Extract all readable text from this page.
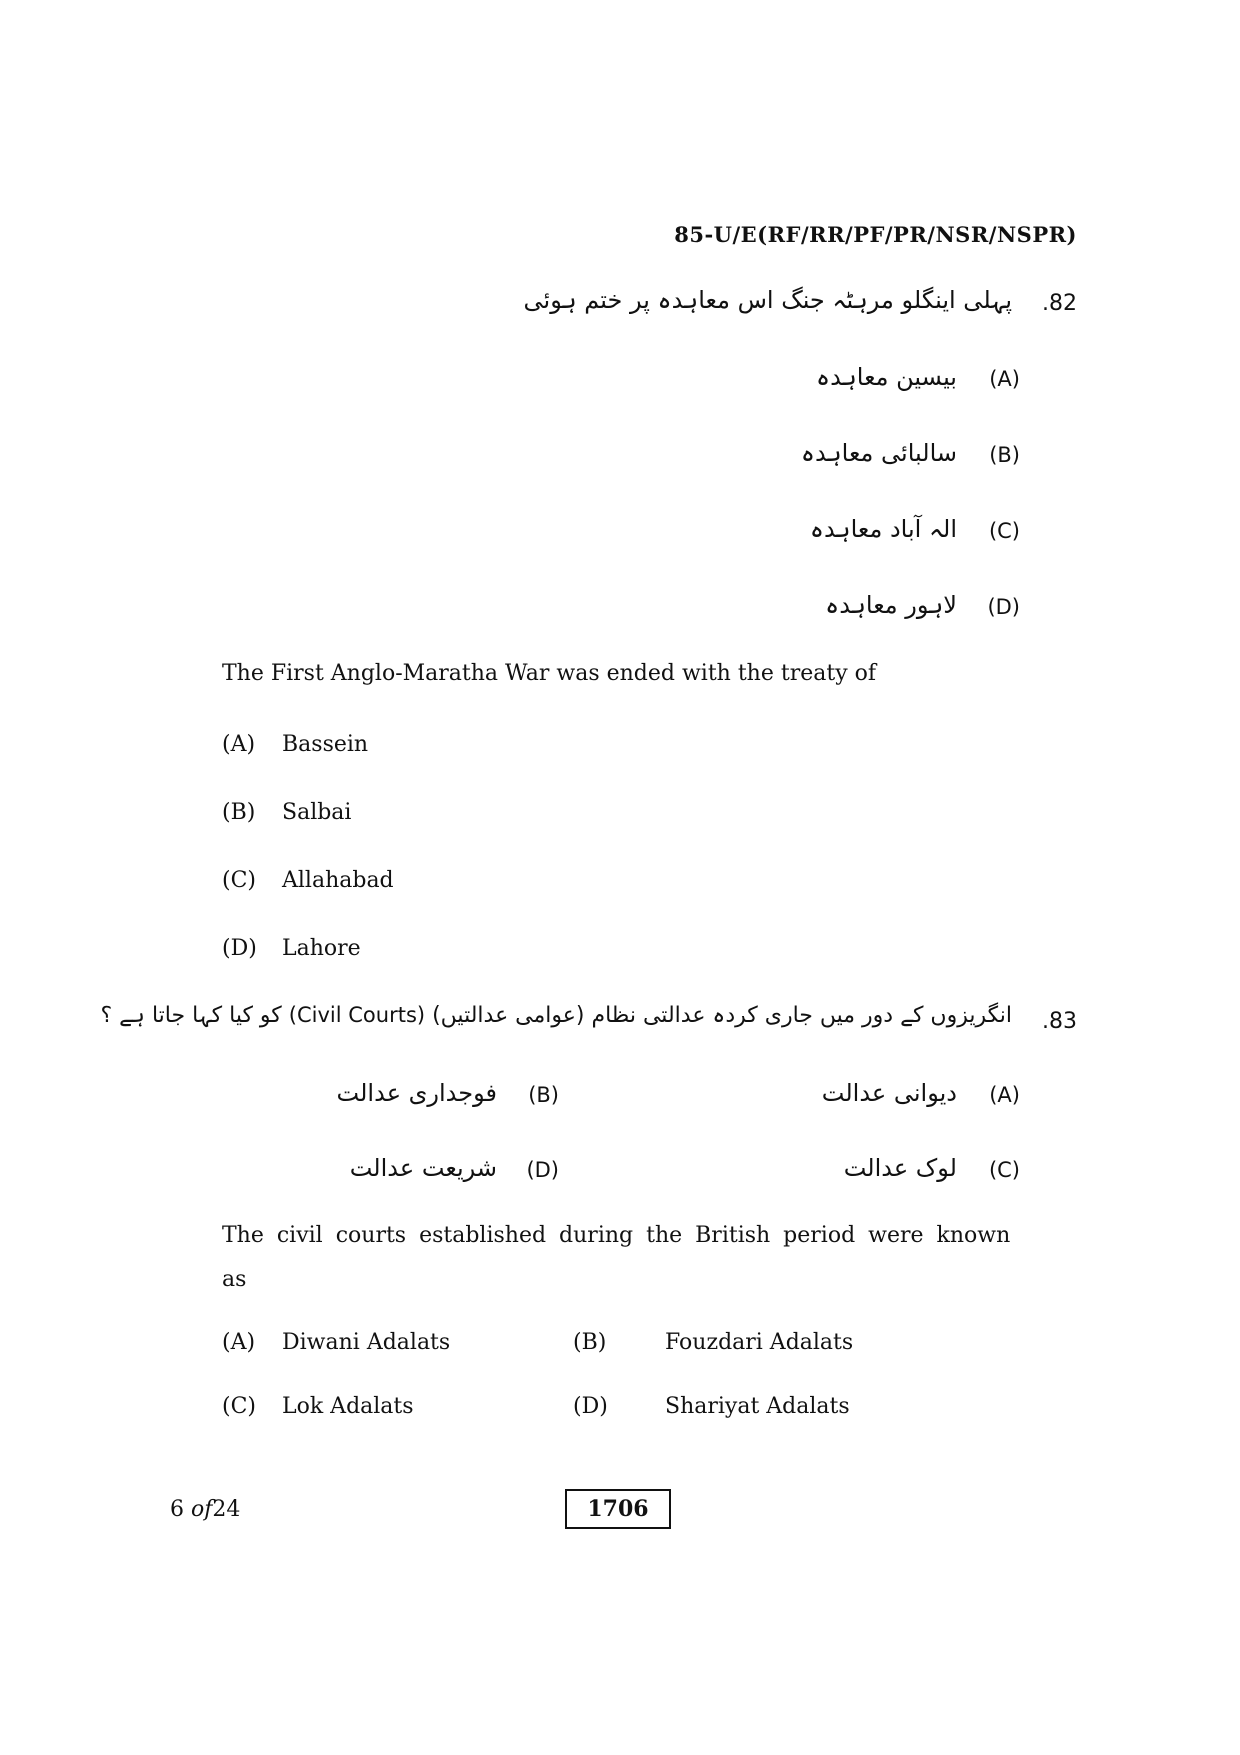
85-U/E(RF/RR/PF/PR/NSR/NSPR)
.82
پہلی اینگلو مرہٹہ جنگ اس معاہدہ پر ختم ہوئی
(A)
بیسین معاہدہ
(B)
سالبائی معاہدہ
(C)
الہ آباد معاہدہ
(D)
لاہور معاہدہ
The First Anglo-Maratha War was ended with the treaty of
(A) Bassein
(B) Salbai
(C) Allahabad
(D) Lahore
.83
انگریزوں کے دور میں جاری کردہ عدالتی نظام (عوامی عدالتیں) (Civil Courts) کو کیا کہا جاتا ہے ؟
(A)
دیوانی عدالت
(B)
فوجداری عدالت
(C)
لوک عدالت
(D)
شریعت عدالت
The civil courts established during the British period were known
as
(A) Diwani Adalats	(B)	Fouzdari Adalats
(C) Lok Adalats	(D)	Shariyat Adalats
6 of24	1706
